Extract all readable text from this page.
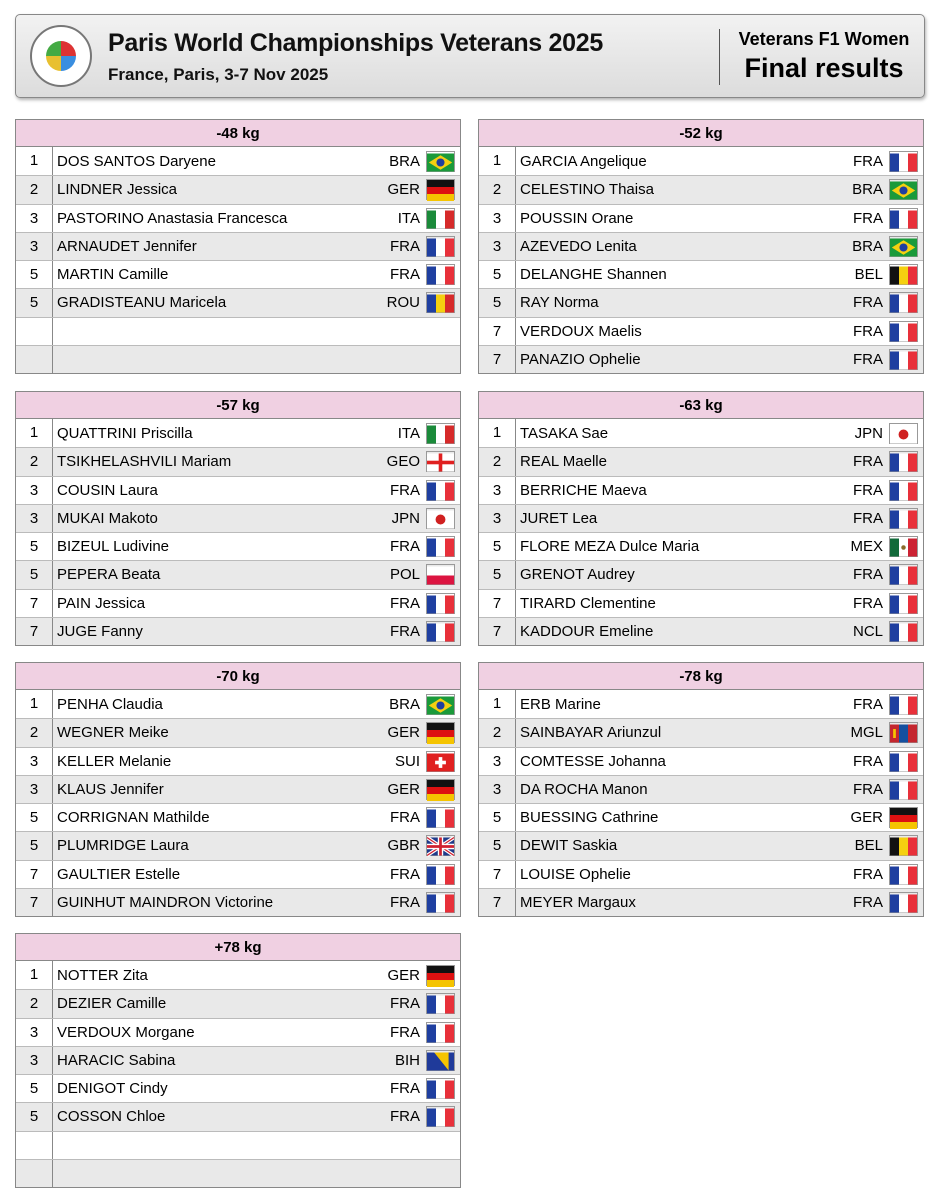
Paris World Championships Veterans 2025
France, Paris, 3-7 Nov 2025
Veterans F1 Women
Final results
-48 kg
1	DOS SANTOS Daryene	BRA
2	LINDNER Jessica	GER
3	PASTORINO Anastasia Francesca	ITA
3	ARNAUDET Jennifer	FRA
5	MARTIN Camille	FRA
5	GRADISTEANU Maricela	ROU
-52 kg
1	GARCIA Angelique	FRA
2	CELESTINO Thaisa	BRA
3	POUSSIN Orane	FRA
3	AZEVEDO Lenita	BRA
5	DELANGHE Shannen	BEL
5	RAY Norma	FRA
7	VERDOUX Maelis	FRA
7	PANAZIO Ophelie	FRA
-57 kg
1	QUATTRINI Priscilla	ITA
2	TSIKHELASHVILI Mariam	GEO
3	COUSIN Laura	FRA
3	MUKAI Makoto	JPN
5	BIZEUL Ludivine	FRA
5	PEPERA Beata	POL
7	PAIN Jessica	FRA
7	JUGE Fanny	FRA
-63 kg
1	TASAKA Sae	JPN
2	REAL Maelle	FRA
3	BERRICHE Maeva	FRA
3	JURET Lea	FRA
5	FLORE MEZA Dulce Maria	MEX
5	GRENOT Audrey	FRA
7	TIRARD Clementine	FRA
7	KADDOUR Emeline	NCL
-70 kg
1	PENHA Claudia	BRA
2	WEGNER Meike	GER
3	KELLER Melanie	SUI
3	KLAUS Jennifer	GER
5	CORRIGNAN Mathilde	FRA
5	PLUMRIDGE Laura	GBR
7	GAULTIER Estelle	FRA
7	GUINHUT MAINDRON Victorine	FRA
-78 kg
1	ERB Marine	FRA
2	SAINBAYAR Ariunzul	MGL
3	COMTESSE Johanna	FRA
3	DA ROCHA Manon	FRA
5	BUESSING Cathrine	GER
5	DEWIT Saskia	BEL
7	LOUISE Ophelie	FRA
7	MEYER Margaux	FRA
+78 kg
1	NOTTER Zita	GER
2	DEZIER Camille	FRA
3	VERDOUX Morgane	FRA
3	HARACIC Sabina	BIH
5	DENIGOT Cindy	FRA
5	COSSON Chloe	FRA
